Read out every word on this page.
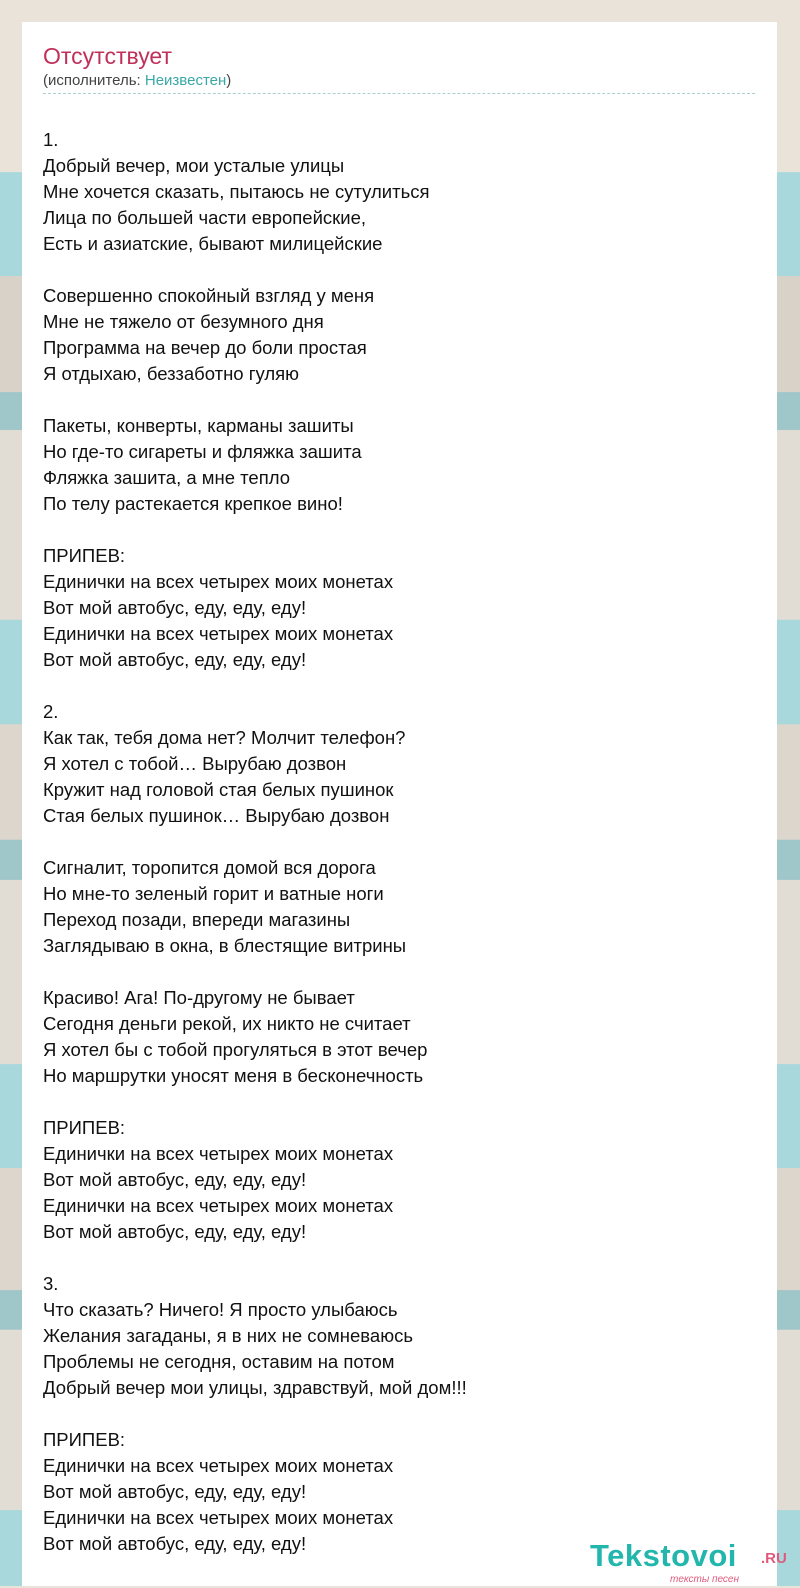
Отсутствует
(исполнитель: Неизвестен)
1.
Добрый вечер, мои усталые улицы
Мне хочется сказать, пытаюсь не сутулиться
Лица по большей части европейские,
Есть и азиатские, бывают милицейские
Совершенно спокойный взгляд у меня
Мне не тяжело от безумного дня
Программа на вечер до боли простая
Я отдыхаю, беззаботно гуляю
Пакеты, конверты, карманы зашиты
Но где-то сигареты и фляжка зашита
Фляжка зашита, а мне тепло
По телу растекается крепкое вино!
ПРИПЕВ:
Единички на всех четырех моих монетах
Вот мой автобус, еду, еду, еду!
Единички на всех четырех моих монетах
Вот мой автобус, еду, еду, еду!
2.
Как так, тебя дома нет? Молчит телефон?
Я хотел с тобой… Вырубаю дозвон
Кружит над головой стая белых пушинок
Стая белых пушинок… Вырубаю дозвон
Сигналит, торопится домой вся дорога
Но мне-то зеленый горит и ватные ноги
Переход позади, впереди магазины
Заглядываю в окна, в блестящие витрины
Красиво! Ага! По-другому не бывает
Сегодня деньги рекой, их никто не считает
Я хотел бы с тобой прогуляться в этот вечер
Но маршрутки уносят меня в бесконечность
ПРИПЕВ:
Единички на всех четырех моих монетах
Вот мой автобус, еду, еду, еду!
Единички на всех четырех моих монетах
Вот мой автобус, еду, еду, еду!
3.
Что сказать? Ничего! Я просто улыбаюсь
Желания загаданы, я в них не сомневаюсь
Проблемы не сегодня, оставим на потом
Добрый вечер мои улицы, здравствуй, мой дом!!!
ПРИПЕВ:
Единички на всех четырех моих монетах
Вот мой автобус, еду, еду, еду!
Единички на всех четырех моих монетах
Вот мой автобус, еду, еду, еду!	Tekstovoi .RU
тексты песен
